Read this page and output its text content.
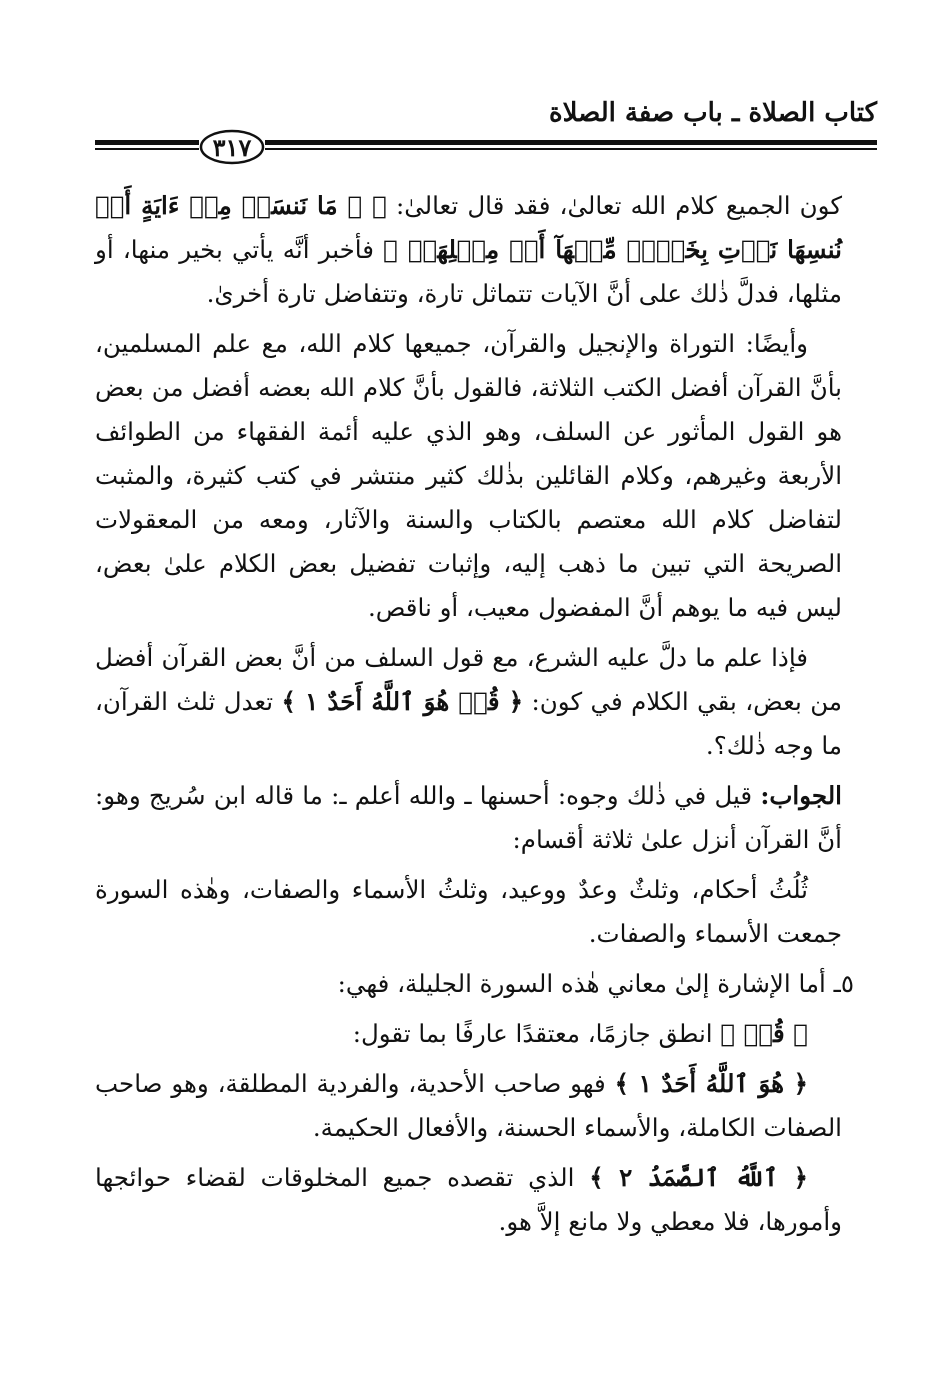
كتاب الصلاة ـ باب صفة الصلاة
٣١٧

كون الجميع كلام الله تعالىٰ، فقد قال تعالىٰ: ﴿ ۞ مَا نَنسَخۡ مِنۡ ءَايَةٍ أَوۡ نُنسِهَا نَأۡتِ بِخَيۡرٖ مِّنۡهَآ أَوۡ مِثۡلِهَآۗ ﴾ فأخبر أنَّه يأتي بخير منها، أو مثلها، فدلَّ ذٰلك على أنَّ الآيات تتماثل تارة، وتتفاضل تارة أخرىٰ.

وأيضًا: التوراة والإنجيل والقرآن، جميعها كلام الله، مع علم المسلمين، بأنَّ القرآن أفضل الكتب الثلاثة، فالقول بأنَّ كلام الله بعضه أفضل من بعض هو القول المأثور عن السلف، وهو الذي عليه أئمة الفقهاء من الطوائف الأربعة وغيرهم، وكلام القائلين بذٰلك كثير منتشر في كتب كثيرة، والمثبت لتفاضل كلام الله معتصم بالكتاب والسنة والآثار، ومعه من المعقولات الصريحة التي تبين ما ذهب إليه، وإثبات تفضيل بعض الكلام علىٰ بعض، ليس فيه ما يوهم أنَّ المفضول معيب، أو ناقص.

فإذا علم ما دلَّ عليه الشرع، مع قول السلف من أنَّ بعض القرآن أفضل من بعض، بقي الكلام في كون: ﴿ قُلۡ هُوَ ٱللَّهُ أَحَدٌ ١ ﴾ تعدل ثلث القرآن، ما وجه ذٰلك؟.

الجواب: قيل في ذٰلك وجوه: أحسنها ـ والله أعلم ـ: ما قاله ابن سُريج وهو: أنَّ القرآن أنزل علىٰ ثلاثة أقسام:

ثُلُثُ أحكام، وثلثٌ وعدٌ ووعيد، وثلثُ الأسماء والصفات، وهٰذه السورة جمعت الأسماء والصفات.

٥ـ أما الإشارة إلىٰ معاني هٰذه السورة الجليلة، فهي:

﴿ قُلۡ ﴾ انطق جازمًا، معتقدًا عارفًا بما تقول:

﴿ هُوَ ٱللَّهُ أَحَدٌ ١ ﴾ فهو صاحب الأحدية، والفردية المطلقة، وهو صاحب الصفات الكاملة، والأسماء الحسنة، والأفعال الحكيمة.

﴿ ٱللَّهُ ٱلصَّمَدُ ٢ ﴾ الذي تقصده جميع المخلوقات لقضاء حوائجها وأمورها، فلا معطي ولا مانع إلاَّ هو.
